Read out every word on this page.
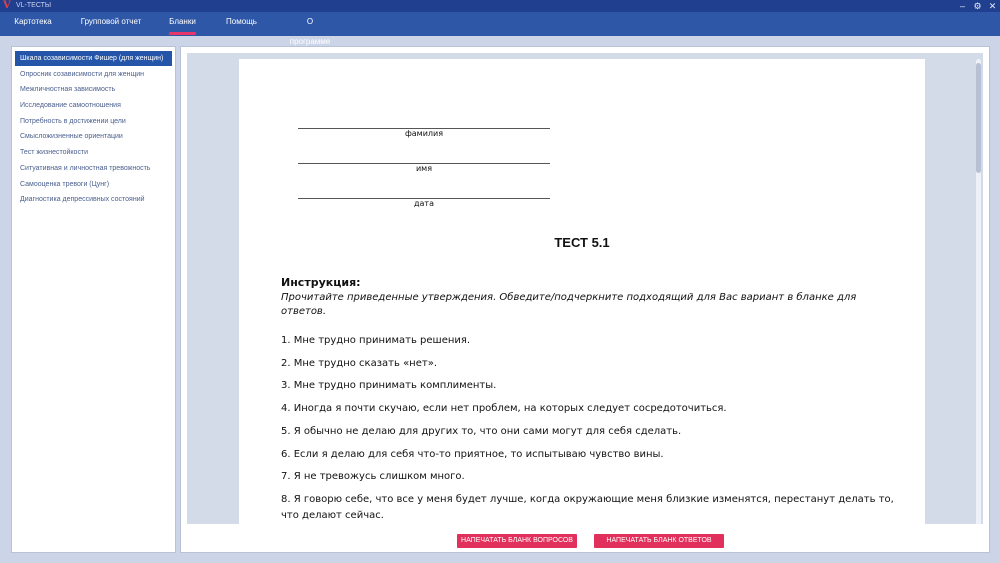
V VL-ТЕСТЫ	– ⚙ ✕
Картотека	Групповой отчет	Бланки	Помощь	О программе
Шкала созависимости Фишер (для женщин)
Опросник созависимости для женщин
Межличностная зависимость
Исследование самоотношения
Потребность в достижении цели
Смысложизненные ориентации
Тест жизнестойкости
Ситуативная и личностная тревожность
Самооценка тревоги (Цунг)
Диагностика депрессивных состояний
фамилия
имя
дата
ТЕСТ 5.1
Инструкция:
Прочитайте приведенные утверждения. Обведите/подчеркните подходящий для Вас вариант в бланке для ответов.
1. Мне трудно принимать решения.
2. Мне трудно сказать «нет».
3. Мне трудно принимать комплименты.
4. Иногда я почти скучаю, если нет проблем, на которых следует сосредоточиться.
5. Я обычно не делаю для других то, что они сами могут для себя сделать.
6. Если я делаю для себя что-то приятное, то испытываю чувство вины.
7. Я не тревожусь слишком много.
8. Я говорю себе, что все у меня будет лучше, когда окружающие меня близкие изменятся, перестанут делать то, что делают сейчас.
НАПЕЧАТАТЬ БЛАНК ВОПРОСОВ	НАПЕЧАТАТЬ БЛАНК ОТВЕТОВ
